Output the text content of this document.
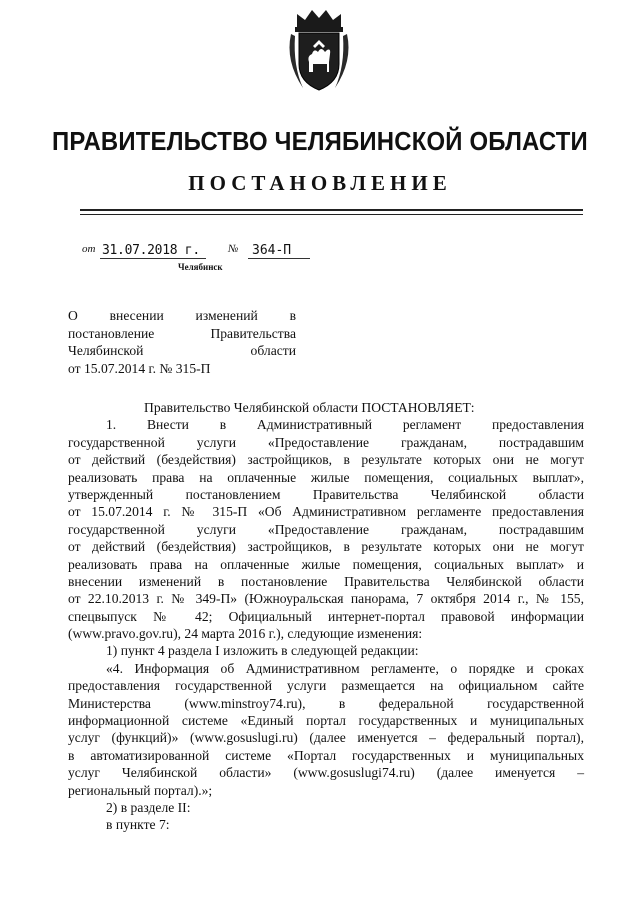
ПРАВИТЕЛЬСТВО ЧЕЛЯБИНСКОЙ ОБЛАСТИ
ПОСТАНОВЛЕНИЕ
от 31.07.2018 г.	№	364-П
Челябинск
О внесении изменений в
постановление Правительства
Челябинской области
от 15.07.2014 г. № 315-П
Правительство Челябинской области ПОСТАНОВЛЯЕТ:
1. Внести в Административный регламент предоставления
государственной услуги «Предоставление гражданам, пострадавшим
от действий (бездействия) застройщиков, в результате которых они не могут
реализовать права на оплаченные жилые помещения, социальных выплат»,
утвержденный постановлением Правительства Челябинской области
от 15.07.2014 г. № 315-П «Об Административном регламенте предоставления
государственной услуги «Предоставление гражданам, пострадавшим
от действий (бездействия) застройщиков, в результате которых они не могут
реализовать права на оплаченные жилые помещения, социальных выплат» и
внесении изменений в постановление Правительства Челябинской области
от 22.10.2013 г. № 349-П» (Южноуральская панорама, 7 октября 2014 г., № 155,
спецвыпуск № 42; Официальный интернет-портал правовой информации
(www.pravo.gov.ru), 24 марта 2016 г.), следующие изменения:
1) пункт 4 раздела I изложить в следующей редакции:
«4. Информация об Административном регламенте, о порядке и сроках
предоставления государственной услуги размещается на официальном сайте
Министерства (www.minstroy74.ru), в федеральной государственной
информационной системе «Единый портал государственных и муниципальных
услуг (функций)» (www.gosuslugi.ru) (далее именуется – федеральный портал),
в автоматизированной системе «Портал государственных и муниципальных
услуг Челябинской области» (www.gosuslugi74.ru) (далее именуется –
региональный портал).»;
2) в разделе II:
в пункте 7:
